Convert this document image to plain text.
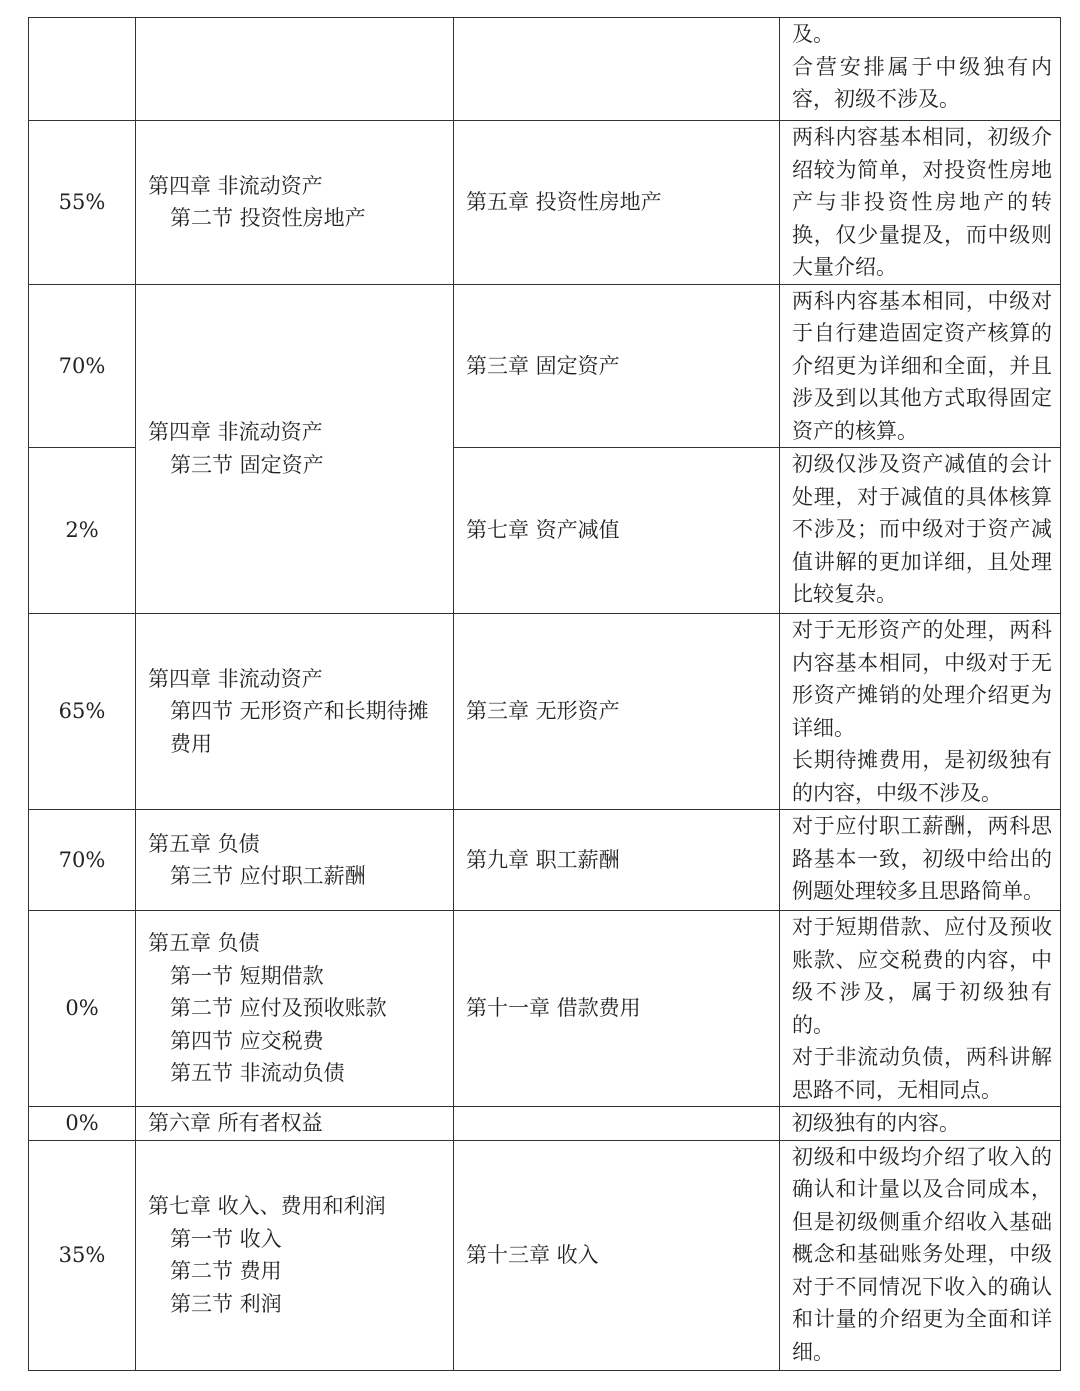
			及。
合营安排属于中级独有内容，初级不涉及。

55%	第四章 非流动资产
第二节 投资性房地产	第五章 投资性房地产	两科内容基本相同，初级介绍较为简单，对投资性房地产与非投资性房地产的转换，仅少量提及，而中级则大量介绍。

70%	第四章 非流动资产
第三节 固定资产	第三章 固定资产	两科内容基本相同，中级对于自行建造固定资产核算的介绍更为详细和全面，并且涉及到以其他方式取得固定资产的核算。

2%		第七章 资产减值	初级仅涉及资产减值的会计处理，对于减值的具体核算不涉及；而中级对于资产减值讲解的更加详细，且处理比较复杂。

65%	第四章 非流动资产
第四节 无形资产和长期待摊费用	第三章 无形资产	对于无形资产的处理，两科内容基本相同，中级对于无形资产摊销的处理介绍更为详细。
长期待摊费用，是初级独有的内容，中级不涉及。

70%	第五章 负债
第三节 应付职工薪酬	第九章 职工薪酬	对于应付职工薪酬，两科思路基本一致，初级中给出的例题处理较多且思路简单。

0%	第五章 负债
第一节 短期借款
第二节 应付及预收账款
第四节 应交税费
第五节 非流动负债	第十一章 借款费用	对于短期借款、应付及预收账款、应交税费的内容，中级不涉及，属于初级独有的。
对于非流动负债，两科讲解思路不同，无相同点。

0%	第六章 所有者权益		初级独有的内容。

35%	第七章 收入、费用和利润
第一节 收入
第二节 费用
第三节 利润	第十三章 收入	初级和中级均介绍了收入的确认和计量以及合同成本，但是初级侧重介绍收入基础概念和基础账务处理，中级对于不同情况下收入的确认和计量的介绍更为全面和详细。
